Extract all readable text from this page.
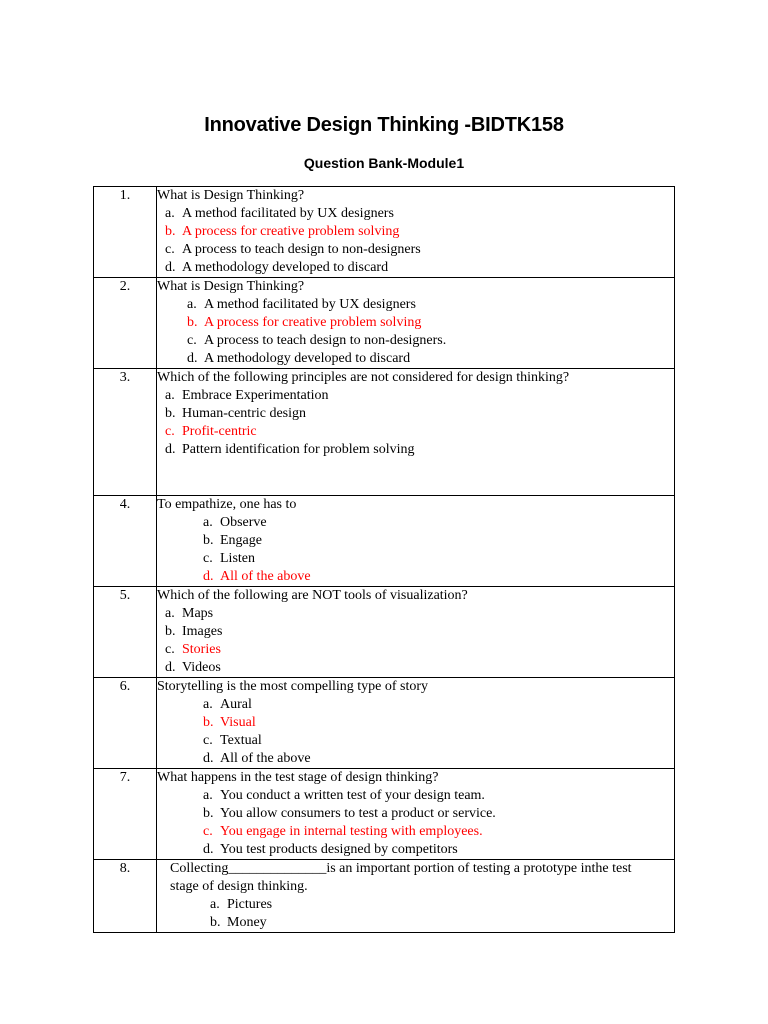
Innovative Design Thinking -BIDTK158
Question Bank-Module1
1.	What is Design Thinking?
a. A method facilitated by UX designers
b. A process for creative problem solving
c. A process to teach design to non-designers
d. A methodology developed to discard

2.	What is Design Thinking?
a. A method facilitated by UX designers
b. A process for creative problem solving
c. A process to teach design to non-designers.
d. A methodology developed to discard

3.	Which of the following principles are not considered for design thinking?
a. Embrace Experimentation
b. Human-centric design
c. Profit-centric
d. Pattern identification for problem solving

4.	To empathize, one has to
a. Observe
b. Engage
c. Listen
d. All of the above

5.	Which of the following are NOT tools of visualization?
a. Maps
b. Images
c. Stories
d. Videos

6.	Storytelling is the most compelling type of story
a. Aural
b. Visual
c. Textual
d. All of the above

7.	What happens in the test stage of design thinking?
a. You conduct a written test of your design team.
b. You allow consumers to test a product or service.
c. You engage in internal testing with employees.
d. You test products designed by competitors

8.	Collecting______________is an important portion of testing a prototype inthe test stage of design thinking.
a. Pictures
b. Money
